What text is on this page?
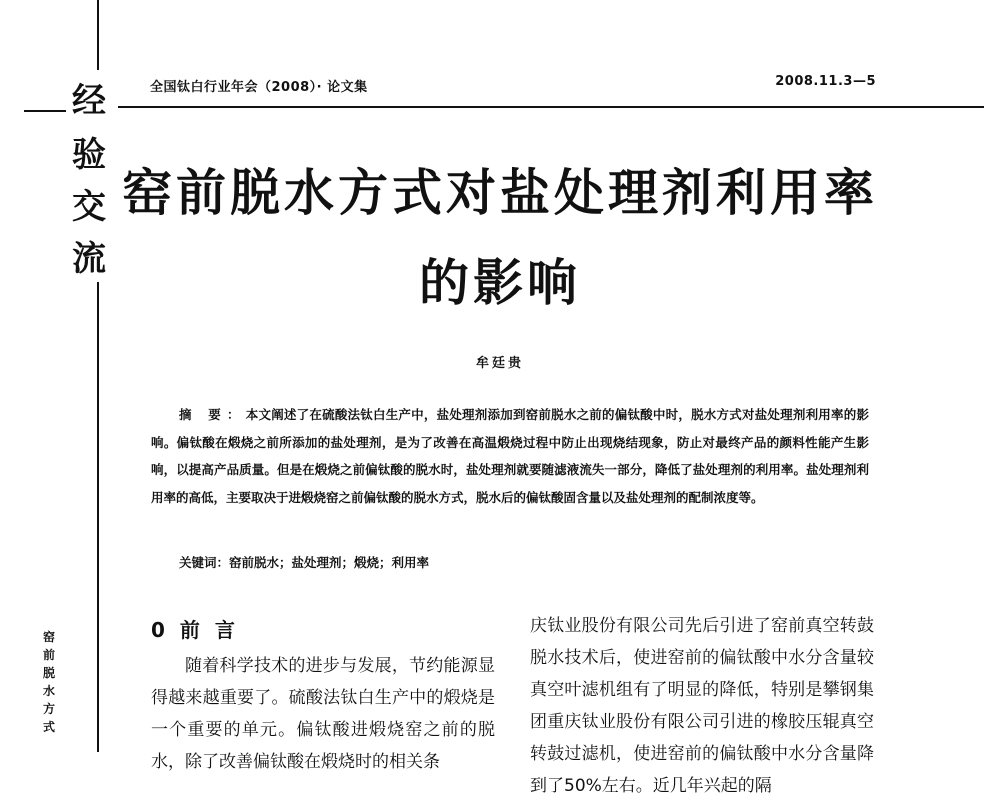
经
验
交
流
窑
前
脱
水
方
式
全国钛白行业年会（2008）· 论文集	2008.11.3—5
窑前脱水方式对盐处理剂利用率
的影响
牟廷贵
摘 要：本文阐述了在硫酸法钛白生产中，盐处理剂添加到窑前脱水之前的偏钛酸中时，脱水方式对盐处理剂利用率的影响。偏钛酸在煅烧之前所添加的盐处理剂，是为了改善在高温煅烧过程中防止出现烧结现象，防止对最终产品的颜料性能产生影响，以提高产品质量。但是在煅烧之前偏钛酸的脱水时，盐处理剂就要随滤液流失一部分，降低了盐处理剂的利用率。盐处理剂利用率的高低，主要取决于进煅烧窑之前偏钛酸的脱水方式，脱水后的偏钛酸固含量以及盐处理剂的配制浓度等。
关键词：窑前脱水；盐处理剂；煅烧；利用率
0 前 言
随着科学技术的进步与发展，节约能源显得越来越重要了。硫酸法钛白生产中的煅烧是一个重要的单元。偏钛酸进煅烧窑之前的脱水，除了改善偏钛酸在煅烧时的相关条
庆钛业股份有限公司先后引进了窑前真空转鼓脱水技术后，使进窑前的偏钛酸中水分含量较真空叶滤机组有了明显的降低，特别是攀钢集团重庆钛业股份有限公司引进的橡胶压辊真空转鼓过滤机，使进窑前的偏钛酸中水分含量降到了50%左右。近几年兴起的隔
